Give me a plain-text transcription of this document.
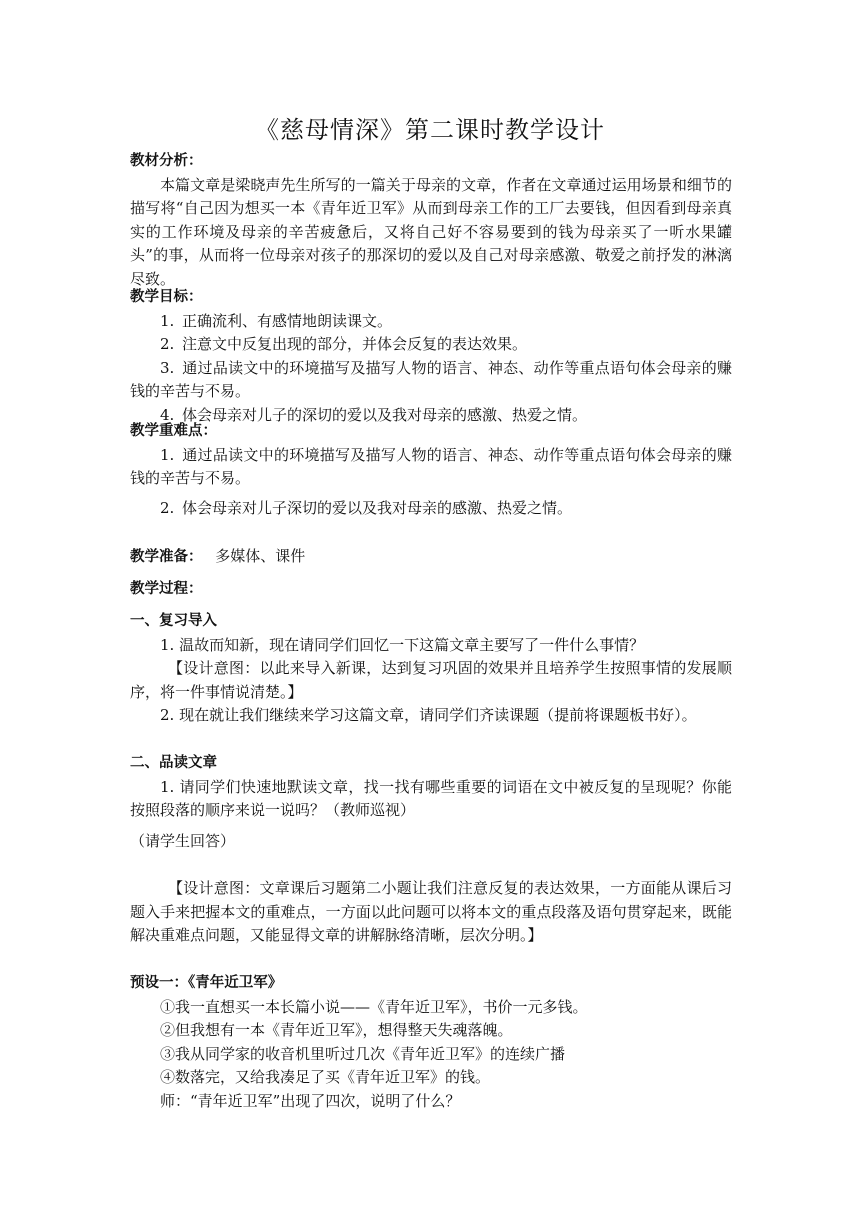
《慈母情深》第二课时教学设计
教材分析：
本篇文章是梁晓声先生所写的一篇关于母亲的文章，作者在文章通过运用场景和细节的描写将“自己因为想买一本《青年近卫军》从而到母亲工作的工厂去要钱，但因看到母亲真实的工作环境及母亲的辛苦疲惫后，又将自己好不容易要到的钱为母亲买了一听水果罐头”的事，从而将一位母亲对孩子的那深切的爱以及自己对母亲感激、敬爱之前抒发的淋漓尽致。
教学目标：
1. 正确流利、有感情地朗读课文。
2. 注意文中反复出现的部分，并体会反复的表达效果。
3. 通过品读文中的环境描写及描写人物的语言、神态、动作等重点语句体会母亲的赚钱的辛苦与不易。
4. 体会母亲对儿子的深切的爱以及我对母亲的感激、热爱之情。
教学重难点：
1. 通过品读文中的环境描写及描写人物的语言、神态、动作等重点语句体会母亲的赚钱的辛苦与不易。
2. 体会母亲对儿子深切的爱以及我对母亲的感激、热爱之情。
教学准备： 多媒体、课件
教学过程：
一、复习导入
1. 温故而知新，现在请同学们回忆一下这篇文章主要写了一件什么事情？
【设计意图：以此来导入新课，达到复习巩固的效果并且培养学生按照事情的发展顺序，将一件事情说清楚。】
2. 现在就让我们继续来学习这篇文章，请同学们齐读课题（提前将课题板书好）。
二、品读文章
1. 请同学们快速地默读文章，找一找有哪些重要的词语在文中被反复的呈现呢？你能按照段落的顺序来说一说吗？（教师巡视）
（请学生回答）
【设计意图：文章课后习题第二小题让我们注意反复的表达效果，一方面能从课后习题入手来把握本文的重难点，一方面以此问题可以将本文的重点段落及语句贯穿起来，既能解决重难点问题，又能显得文章的讲解脉络清晰，层次分明。】
预设一：《青年近卫军》
①我一直想买一本长篇小说——《青年近卫军》，书价一元多钱。
②但我想有一本《青年近卫军》，想得整天失魂落魄。
③我从同学家的收音机里听过几次《青年近卫军》的连续广播
④数落完，又给我凑足了买《青年近卫军》的钱。
师：“青年近卫军”出现了四次，说明了什么？
